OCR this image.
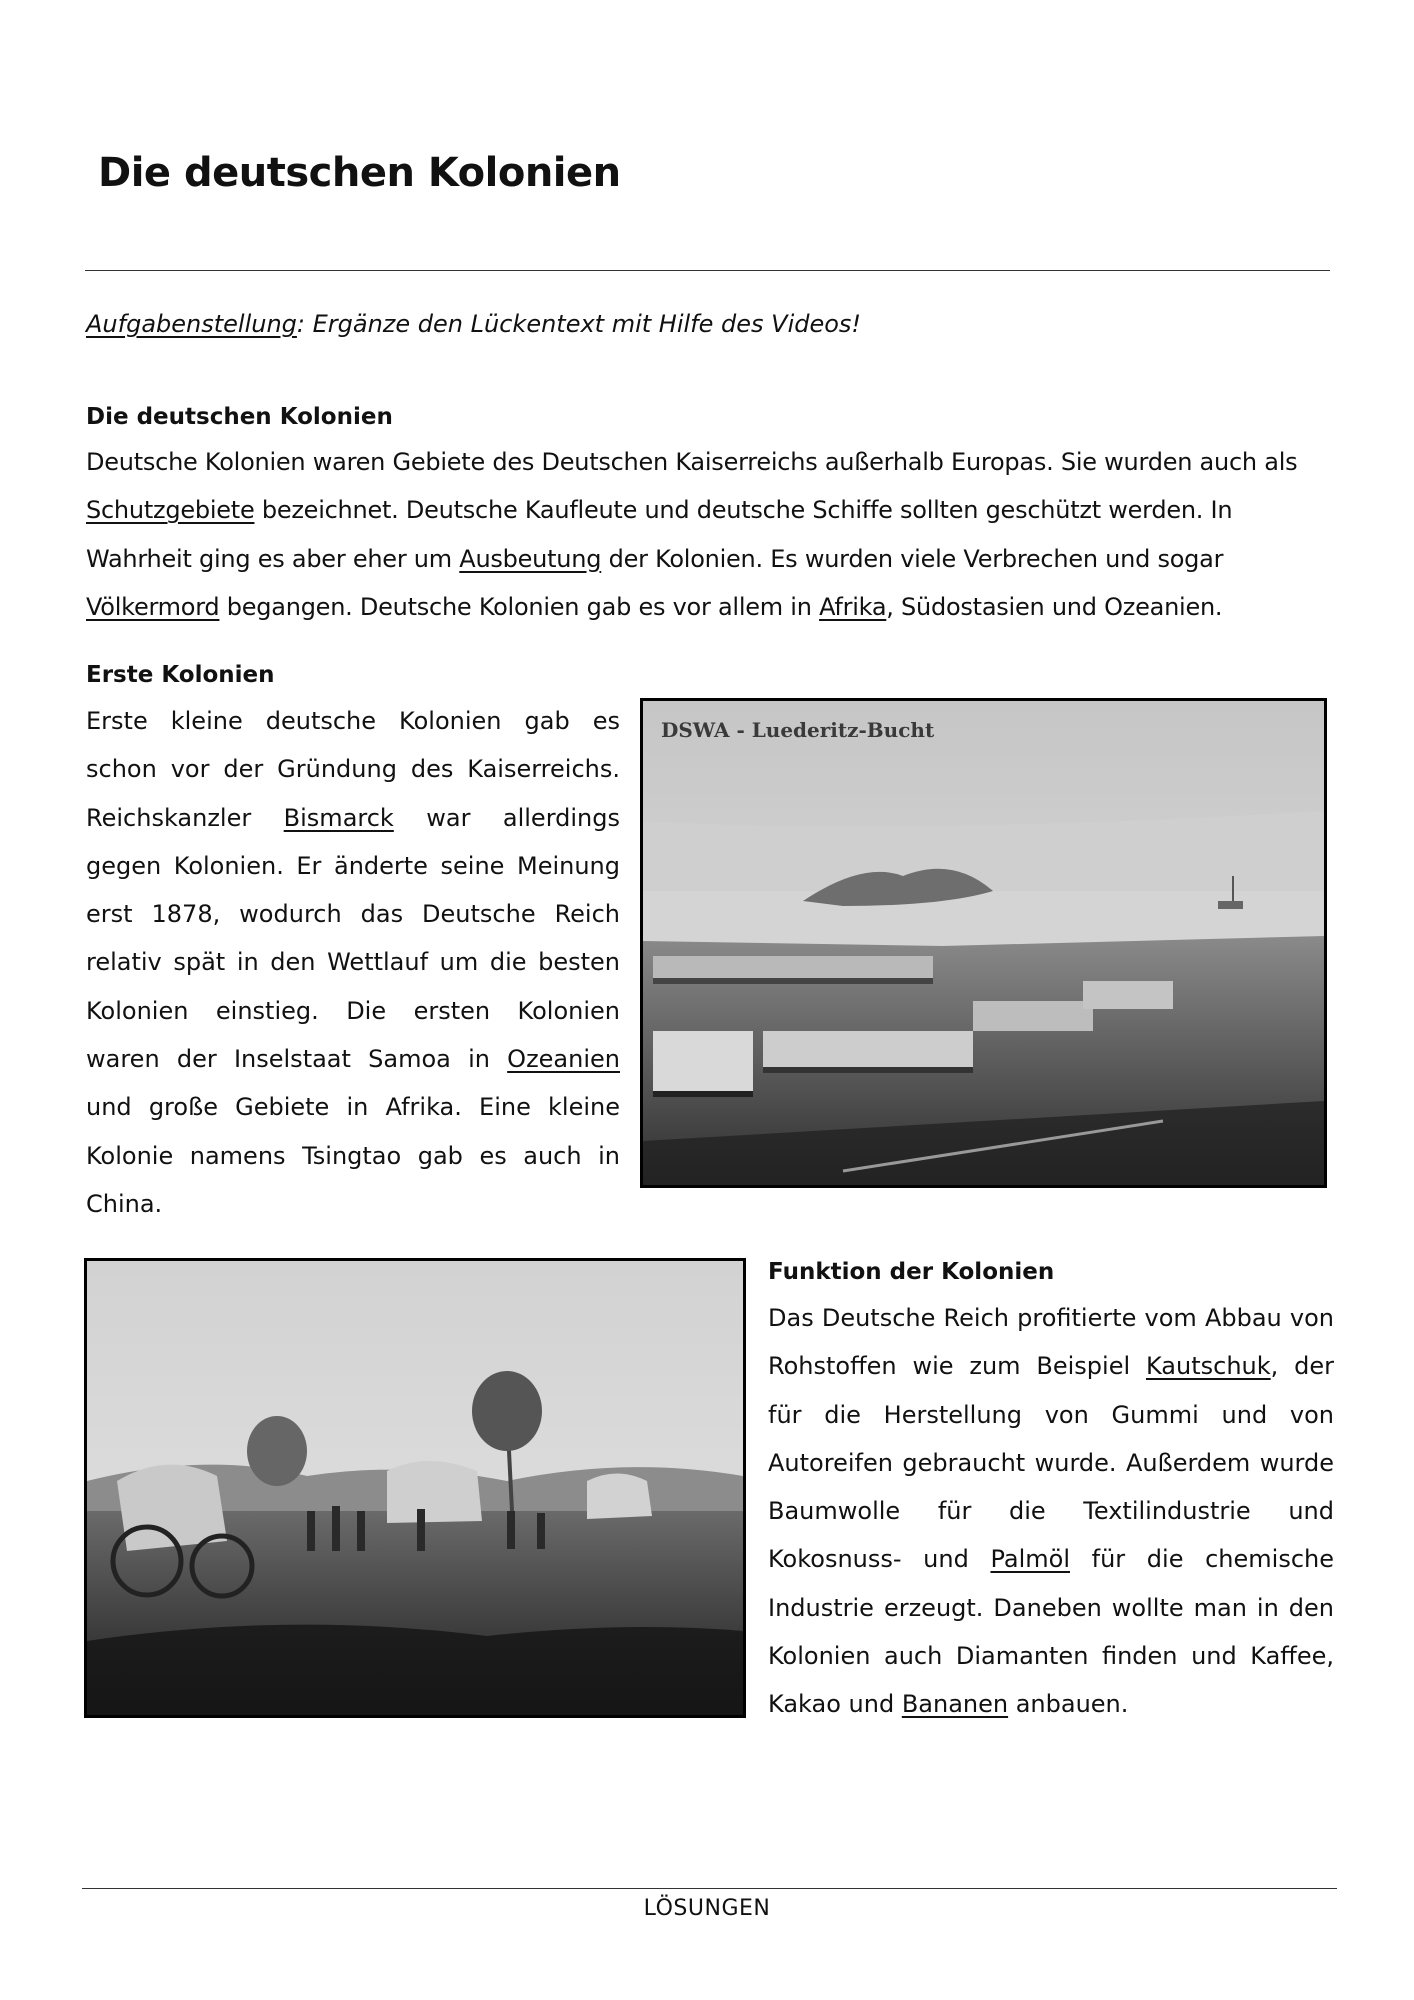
Die deutschen Kolonien
Aufgabenstellung: Ergänze den Lückentext mit Hilfe des Videos!
Die deutschen Kolonien

Deutsche Kolonien waren Gebiete des Deutschen Kaiserreichs außerhalb Europas. Sie wurden auch als Schutzgebiete bezeichnet. Deutsche Kaufleute und deutsche Schiffe sollten geschützt werden. In Wahrheit ging es aber eher um Ausbeutung der Kolonien. Es wurden viele Verbrechen und sogar Völkermord begangen. Deutsche Kolonien gab es vor allem in Afrika, Südostasien und Ozeanien.

Erste Kolonien

Erste kleine deutsche Kolonien gab es schon vor der Gründung des Kaiserreichs. Reichskanzler Bismarck war allerdings gegen Kolonien. Er änderte seine Meinung erst 1878, wodurch das Deutsche Reich relativ spät in den Wettlauf um die besten Kolonien einstieg. Die ersten Kolonien waren der Inselstaat Samoa in Ozeanien und große Gebiete in Afrika. Eine kleine Kolonie namens Tsingtao gab es auch in China.

DSWA - Luederitz-Bucht
Funktion der Kolonien

Das Deutsche Reich profitierte vom Abbau von Rohstoffen wie zum Beispiel Kautschuk, der für die Herstellung von Gummi und von Autoreifen gebraucht wurde. Außerdem wurde Baumwolle für die Textilindustrie und Kokosnuss- und Palmöl für die chemische Industrie erzeugt. Daneben wollte man in den Kolonien auch Diamanten finden und Kaffee, Kakao und Bananen anbauen.

LÖSUNGEN
